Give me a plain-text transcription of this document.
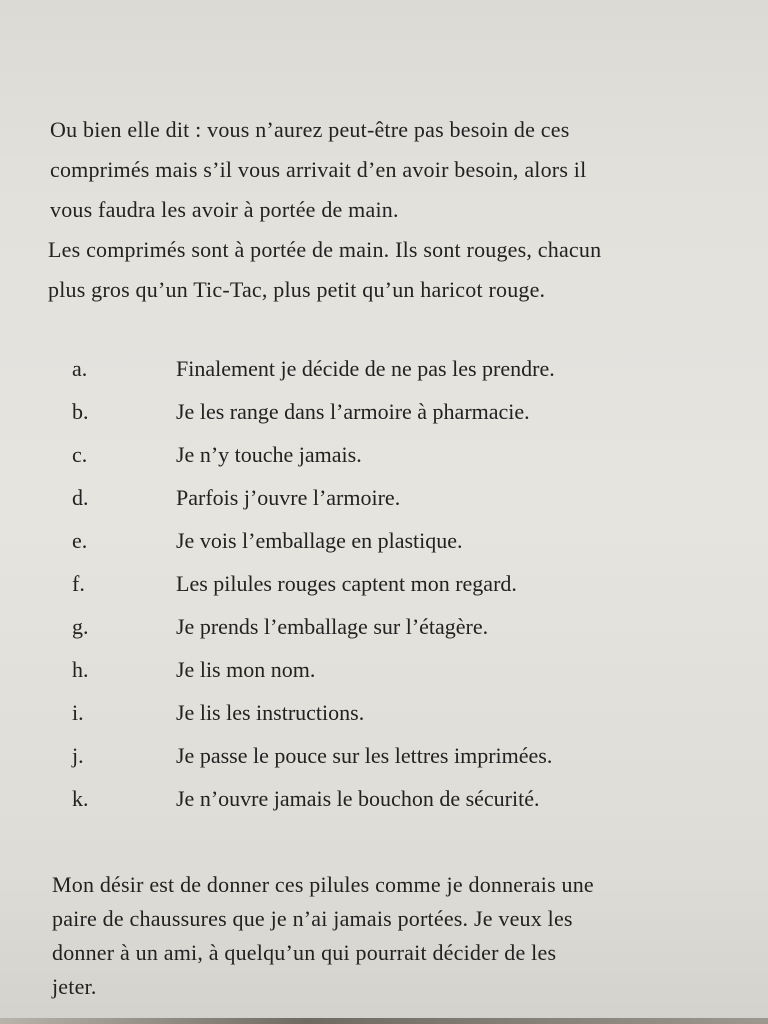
Ou bien elle dit : vous n’aurez peut-être pas besoin de ces
comprimés mais s’il vous arrivait d’en avoir besoin, alors il
vous faudra les avoir à portée de main.
Les comprimés sont à portée de main. Ils sont rouges, chacun
plus gros qu’un Tic-Tac, plus petit qu’un haricot rouge.
a.	Finalement je décide de ne pas les prendre.
b.	Je les range dans l’armoire à pharmacie.
c.	Je n’y touche jamais.
d.	Parfois j’ouvre l’armoire.
e.	Je vois l’emballage en plastique.
f.	Les pilules rouges captent mon regard.
g.	Je prends l’emballage sur l’étagère.
h.	Je lis mon nom.
i.	Je lis les instructions.
j.	Je passe le pouce sur les lettres imprimées.
k.	Je n’ouvre jamais le bouchon de sécurité.
Mon désir est de donner ces pilules comme je donnerais une
paire de chaussures que je n’ai jamais portées. Je veux les
donner à un ami, à quelqu’un qui pourrait décider de les
jeter.
